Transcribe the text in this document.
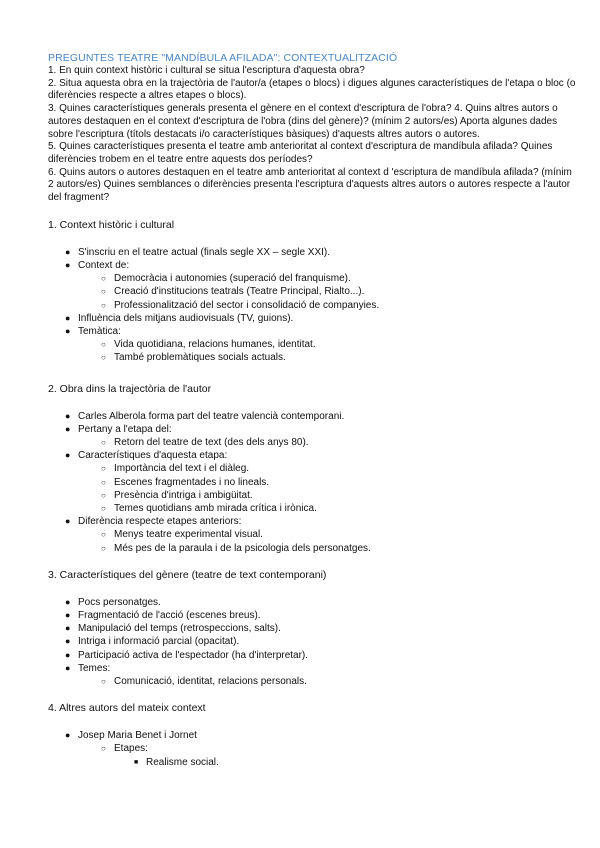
PREGUNTES TEATRE "MANDÍBULA AFILADA": CONTEXTUALITZACIÓ

1. En quin context històric i cultural se situa l'escriptura d'aquesta obra?

2. Situa aquesta obra en la trajectòria de l'autor/a (etapes o blocs) i digues algunes característiques de l'etapa o bloc (o diferències respecte a altres etapes o blocs).

3. Quines característiques generals presenta el gènere en el context d'escriptura de l'obra? 4. Quins altres autors o autores destaquen en el context d'escriptura de l'obra (dins del gènere)? (mínim 2 autors/es) Aporta algunes dades sobre l'escriptura (títols destacats i/o característiques bàsiques) d'aquests altres autors o autores.

5. Quines característiques presenta el teatre amb anterioritat al context d'escriptura de mandíbula afilada? Quines diferències trobem en el teatre entre aquests dos períodes?

6. Quins autors o autores destaquen en el teatre amb anterioritat al context d 'escriptura de mandíbula afilada? (mínim 2 autors/es) Quines semblances o diferències presenta l'escriptura d'aquests altres autors o autores respecte a l'autor del fragment?

1. Context històric i cultural

● S'inscriu en el teatre actual (finals segle XX – segle XXI).
● Context de:
○ Democràcia i autonomies (superació del franquisme).
○ Creació d'institucions teatrals (Teatre Principal, Rialto...).
○ Professionalització del sector i consolidació de companyies.
● Influència dels mitjans audiovisuals (TV, guions).
● Temàtica:
○ Vida quotidiana, relacions humanes, identitat.
○ També problemàtiques socials actuals.

2. Obra dins la trajectòria de l'autor

● Carles Alberola forma part del teatre valencià contemporani.
● Pertany a l'etapa del:
○ Retorn del teatre de text (des dels anys 80).
● Característiques d'aquesta etapa:
○ Importància del text i el diàleg.
○ Escenes fragmentades i no lineals.
○ Presència d'intriga i ambigüitat.
○ Temes quotidians amb mirada crítica i irònica.
● Diferència respecte etapes anteriors:
○ Menys teatre experimental visual.
○ Més pes de la paraula i de la psicologia dels personatges.

3. Característiques del gènere (teatre de text contemporani)

● Pocs personatges.
● Fragmentació de l'acció (escenes breus).
● Manipulació del temps (retrospeccions, salts).
● Intriga i informació parcial (opacitat).
● Participació activa de l'espectador (ha d'interpretar).
● Temes:
○ Comunicació, identitat, relacions personals.

4. Altres autors del mateix context

● Josep Maria Benet i Jornet
○ Etapes:
■ Realisme social.
